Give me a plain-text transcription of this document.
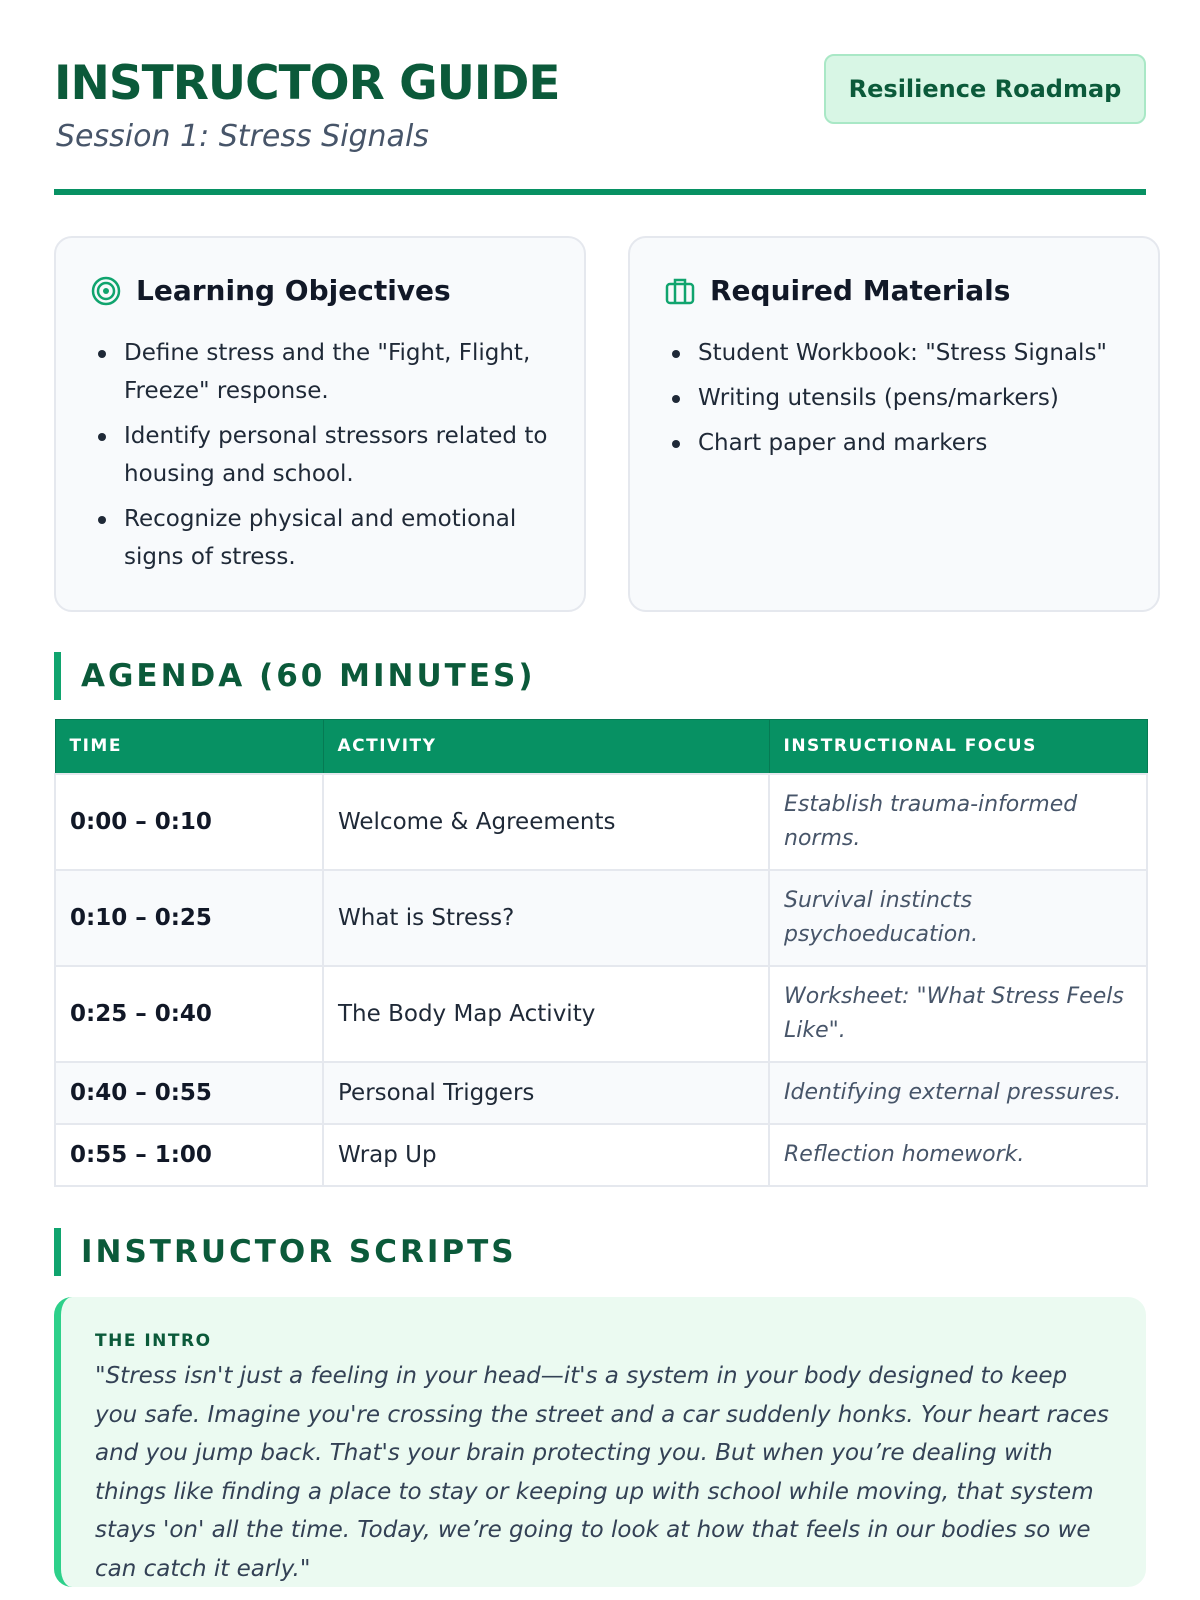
INSTRUCTOR GUIDE
Session 1: Stress Signals
Resilience Roadmap
Learning Objectives
Define stress and the "Fight, Flight, Freeze" response.
Identify personal stressors related to housing and school.
Recognize physical and emotional signs of stress.
Required Materials
Student Workbook: "Stress Signals"
Writing utensils (pens/markers)
Chart paper and markers
AGENDA (60 MINUTES)
TIME	ACTIVITY	INSTRUCTIONAL FOCUS
0:00 – 0:10	Welcome & Agreements	Establish trauma-informed norms.
0:10 – 0:25	What is Stress?	Survival instincts psychoeducation.
0:25 – 0:40	The Body Map Activity	Worksheet: "What Stress Feels Like".
0:40 – 0:55	Personal Triggers	Identifying external pressures.
0:55 – 1:00	Wrap Up	Reflection homework.
INSTRUCTOR SCRIPTS
THE INTRO

"Stress isn't just a feeling in your head—it's a system in your body designed to keep you safe. Imagine you're crossing the street and a car suddenly honks. Your heart races and you jump back. That's your brain protecting you. But when you’re dealing with things like finding a place to stay or keeping up with school while moving, that system stays 'on' all the time. Today, we’re going to look at how that feels in our bodies so we can catch it early."
